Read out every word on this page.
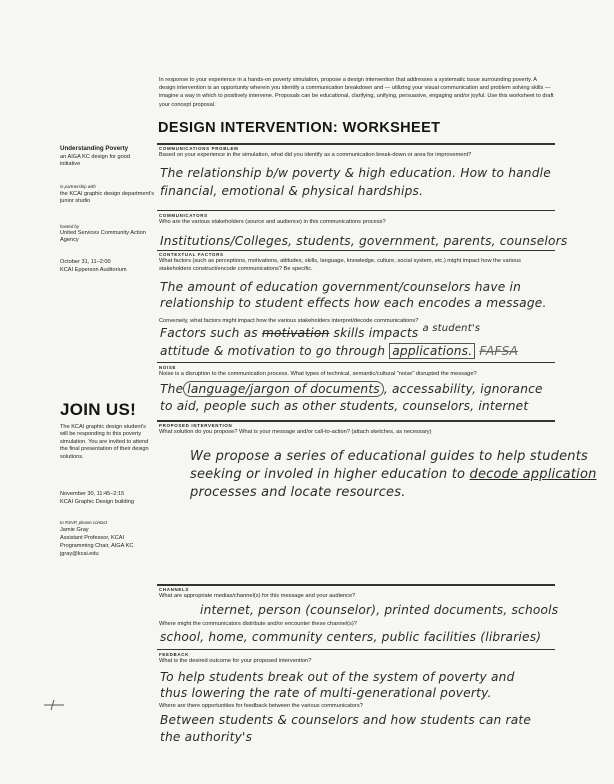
In response to your experience in a hands-on poverty simulation, propose a design intervention that addresses a systematic issue surrounding poverty. A design intervention is an opportunity wherein you identify a communication breakdown and — utilizing your visual communication and problem solving skills — imagine a way in which to positively intervene. Proposals can be educational, clarifying, unifying, persuasive, engaging and/or joyful. Use this worksheet to draft your concept proposal.
DESIGN INTERVENTION: WORKSHEET
Understanding Poverty
an AIGA KC design for good initiative
in partnership with
the KCAI graphic design department's junior studio
hosted by
United Services Community Action Agency
October 31, 11–2:00
KCAI Epperson Auditorium
JOIN US!
The KCAI graphic design student's will be responding to this poverty simulation. You are invited to attend the final presentation of their design solutions.
November 30, 11:45–2:15
KCAI Graphic Design building
to RSVP, please contact
Jamie Gray
Assistant Professor, KCAI
Programming Chair, AIGA KC
jgray@kcai.edu
COMMUNICATIONS PROBLEM
Based on your experience in the simulation, what did you identify as a communication break-down or area for improvement?
The relationship b/w poverty & high education. How to handle
financial, emotional & physical hardships.
COMMUNICATORS
Who are the various stakeholders (source and audience) in this communications process?
Institutions/Colleges, students, government, parents, counselors
CONTEXTUAL FACTORS
What factors (such as perceptions, motivations, attitudes, skills, language, knowledge, culture, social system, etc.) might impact how the various stakeholders construct/encode communications? Be specific.
The amount of education government/counselors have in
relationship to student effects how each encodes a message.
Conversely, what factors might impact how the various stakeholders interpret/decode communications?
Factors such as motivation skills impacts $^{a student's}$
attitude & motivation to go through applications. FAFSA
NOISE
Noise is a disruption to the communication process. What types of technical, semantic/cultural "noise" disrupted the message?
The language/jargon of documents , accessability, ignorance
to aid, people such as other students, counselors, internet
PROPOSED INTERVENTION
What solution do you propose? What is your message and/or call-to-action? (attach sketches, as necessary)
We propose a series of educational guides to help students
seeking or involed in higher education to decode application
processes and locate resources.
CHANNELS
What are appropriate medias/channel(s) for this message and your audience?
internet, person (counselor), printed documents, schools
Where might the communicators distribute and/or encounter these channel(s)?
school, home, community centers, public facilities (libraries)
FEEDBACK
What is the desired outcome for your proposed intervention?
To help students break out of the system of poverty and
thus lowering the rate of multi-generational poverty.
Where are there opportunities for feedback between the various communicators?
Between students & counselors and how students can rate
the authority's
